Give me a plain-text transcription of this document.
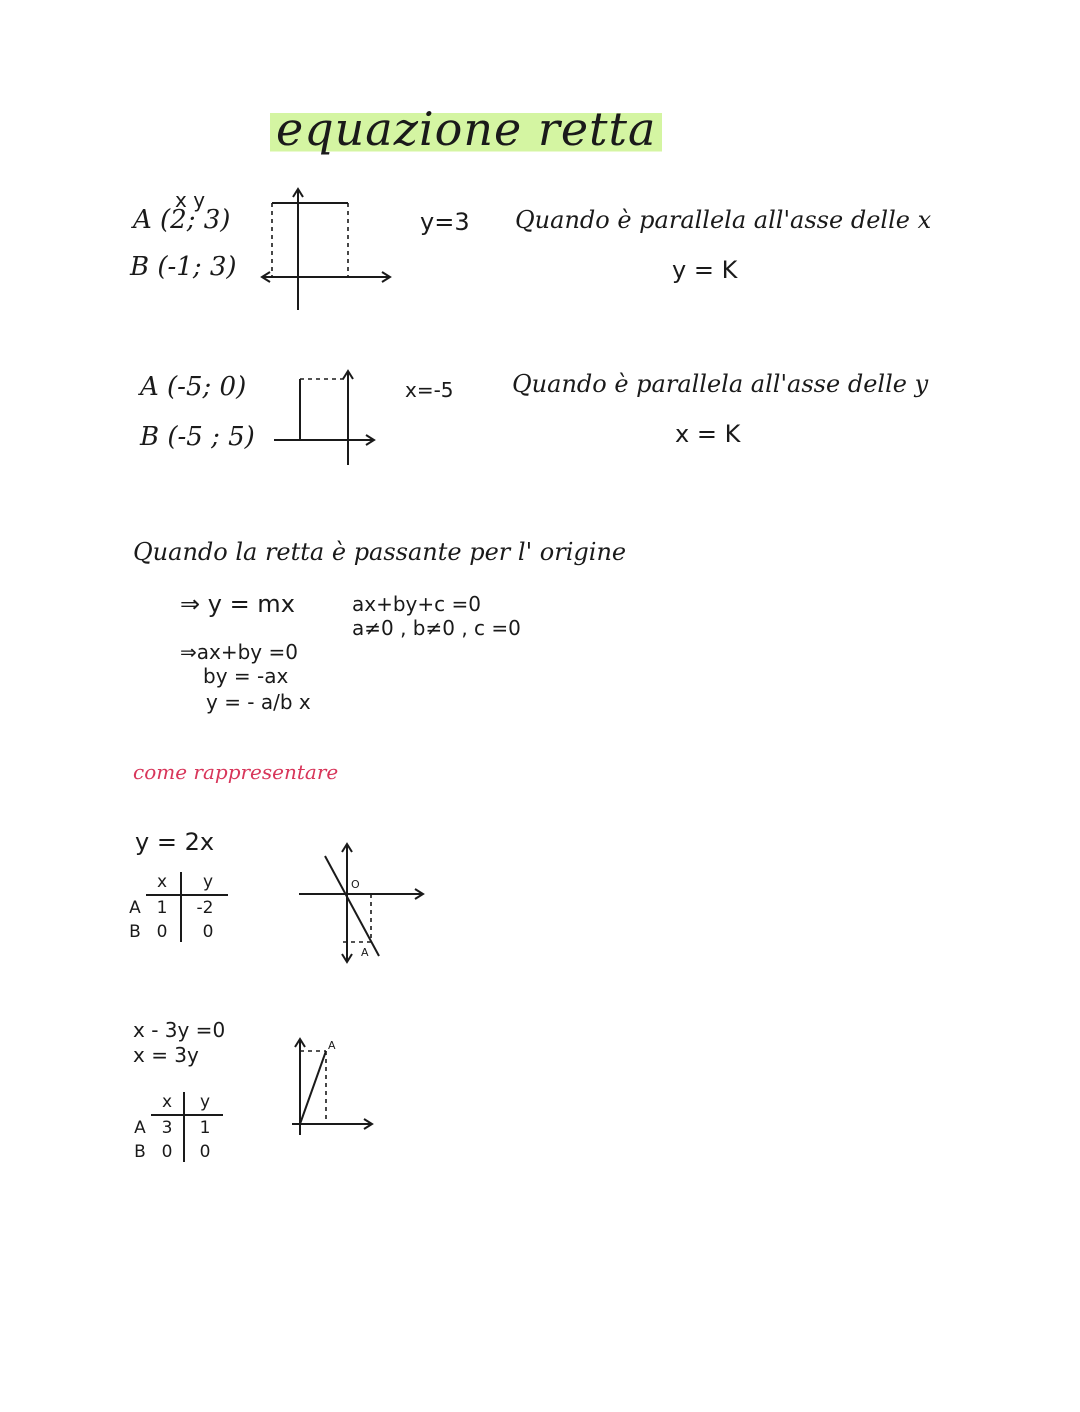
equazione retta
x y
A (2; 3)
B (-1; 3)
y=3 Quando è parallela all'asse delle x
y = K
A (-5; 0)
B (-5 ; 5)
x=-5 Quando è parallela all'asse delle y
x = K
Quando la retta è passante per l' origine
⇒ y = mx	ax+by+c =0
a≠0 , b≠0 , c =0
⇒ax+by =0
by = -ax
y = - a/b x
come rappresentare
y = 2x
x	y
A 1	-2
B 0	0
O
A
x - 3y =0
x = 3y
x	y
A 3	1
B 0	0
A
